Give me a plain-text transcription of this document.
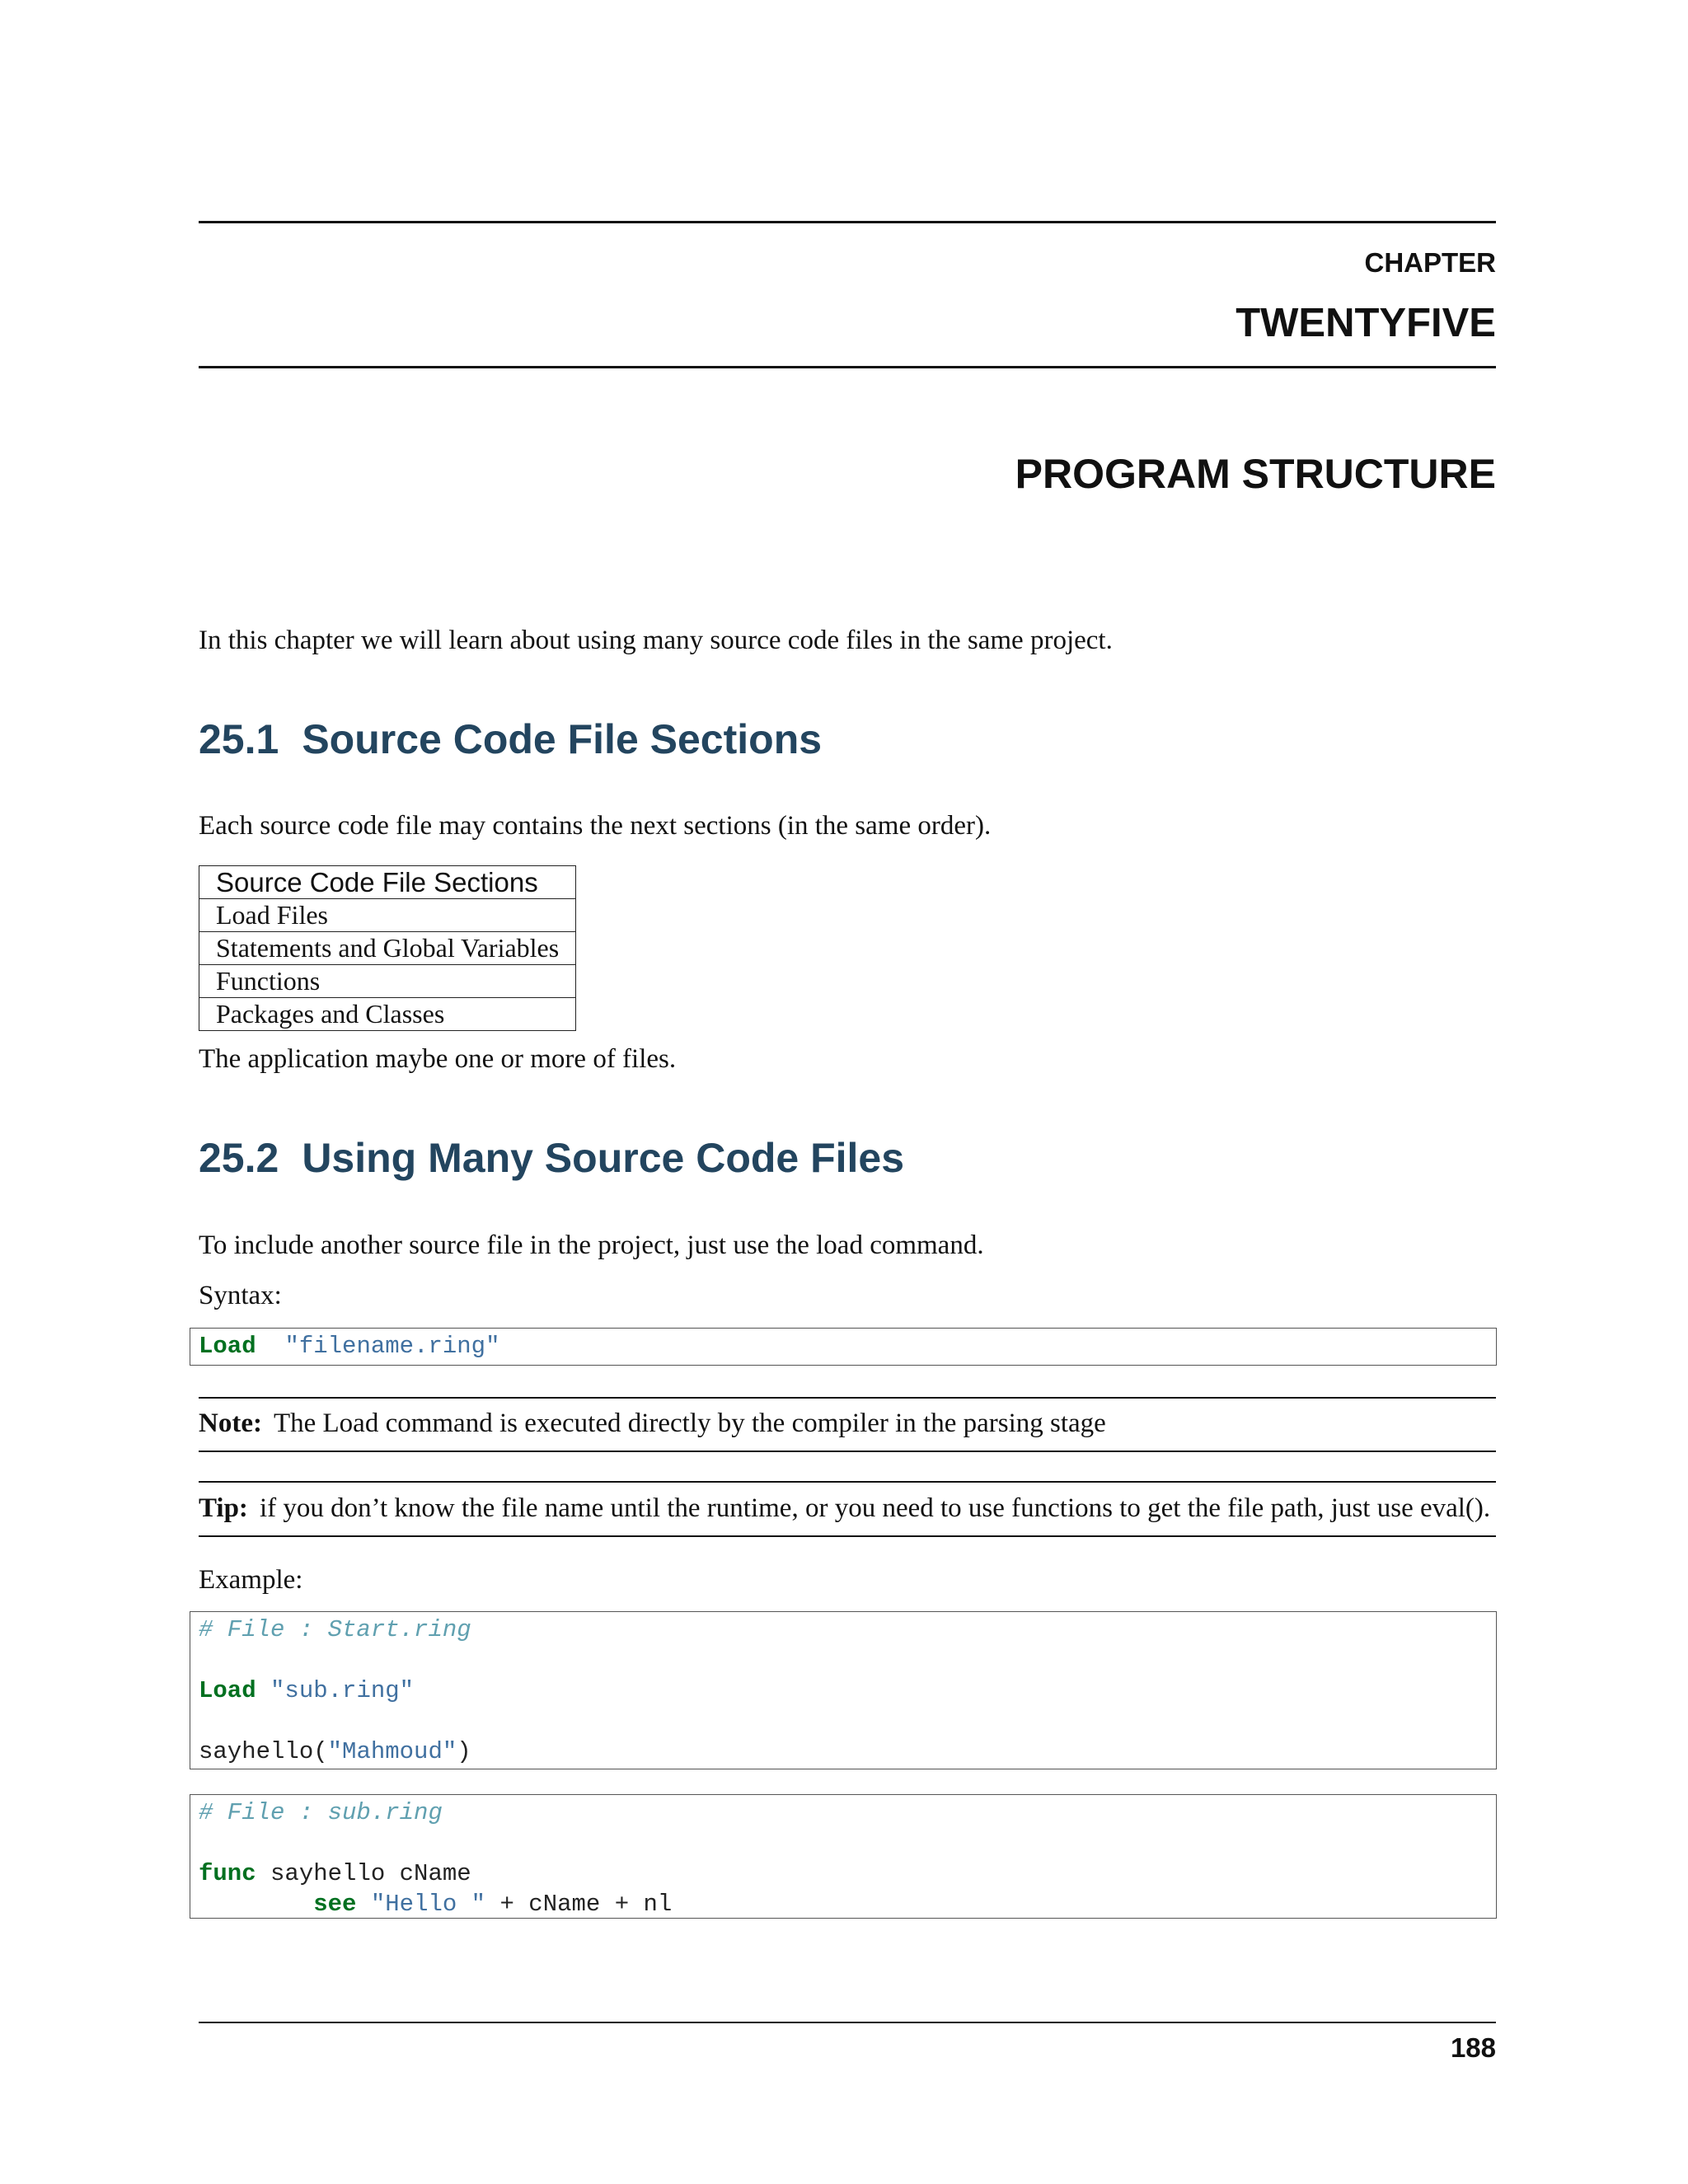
CHAPTER
TWENTYFIVE
PROGRAM STRUCTURE
In this chapter we will learn about using many source code files in the same project.
25.1 Source Code File Sections
Each source code file may contains the next sections (in the same order).
Source Code File Sections
Load Files
Statements and Global Variables
Functions
Packages and Classes
The application maybe one or more of files.
25.2 Using Many Source Code Files
To include another source file in the project, just use the load command.
Syntax:
Load "filename.ring"
Note: The Load command is executed directly by the compiler in the parsing stage
Tip: if you don’t know the file name until the runtime, or you need to use functions to get the file path, just use eval().
Example:
# File : Start.ring

Load "sub.ring"

sayhello("Mahmoud")
# File : sub.ring

func sayhello cName
see "Hello " + cName + nl
188
